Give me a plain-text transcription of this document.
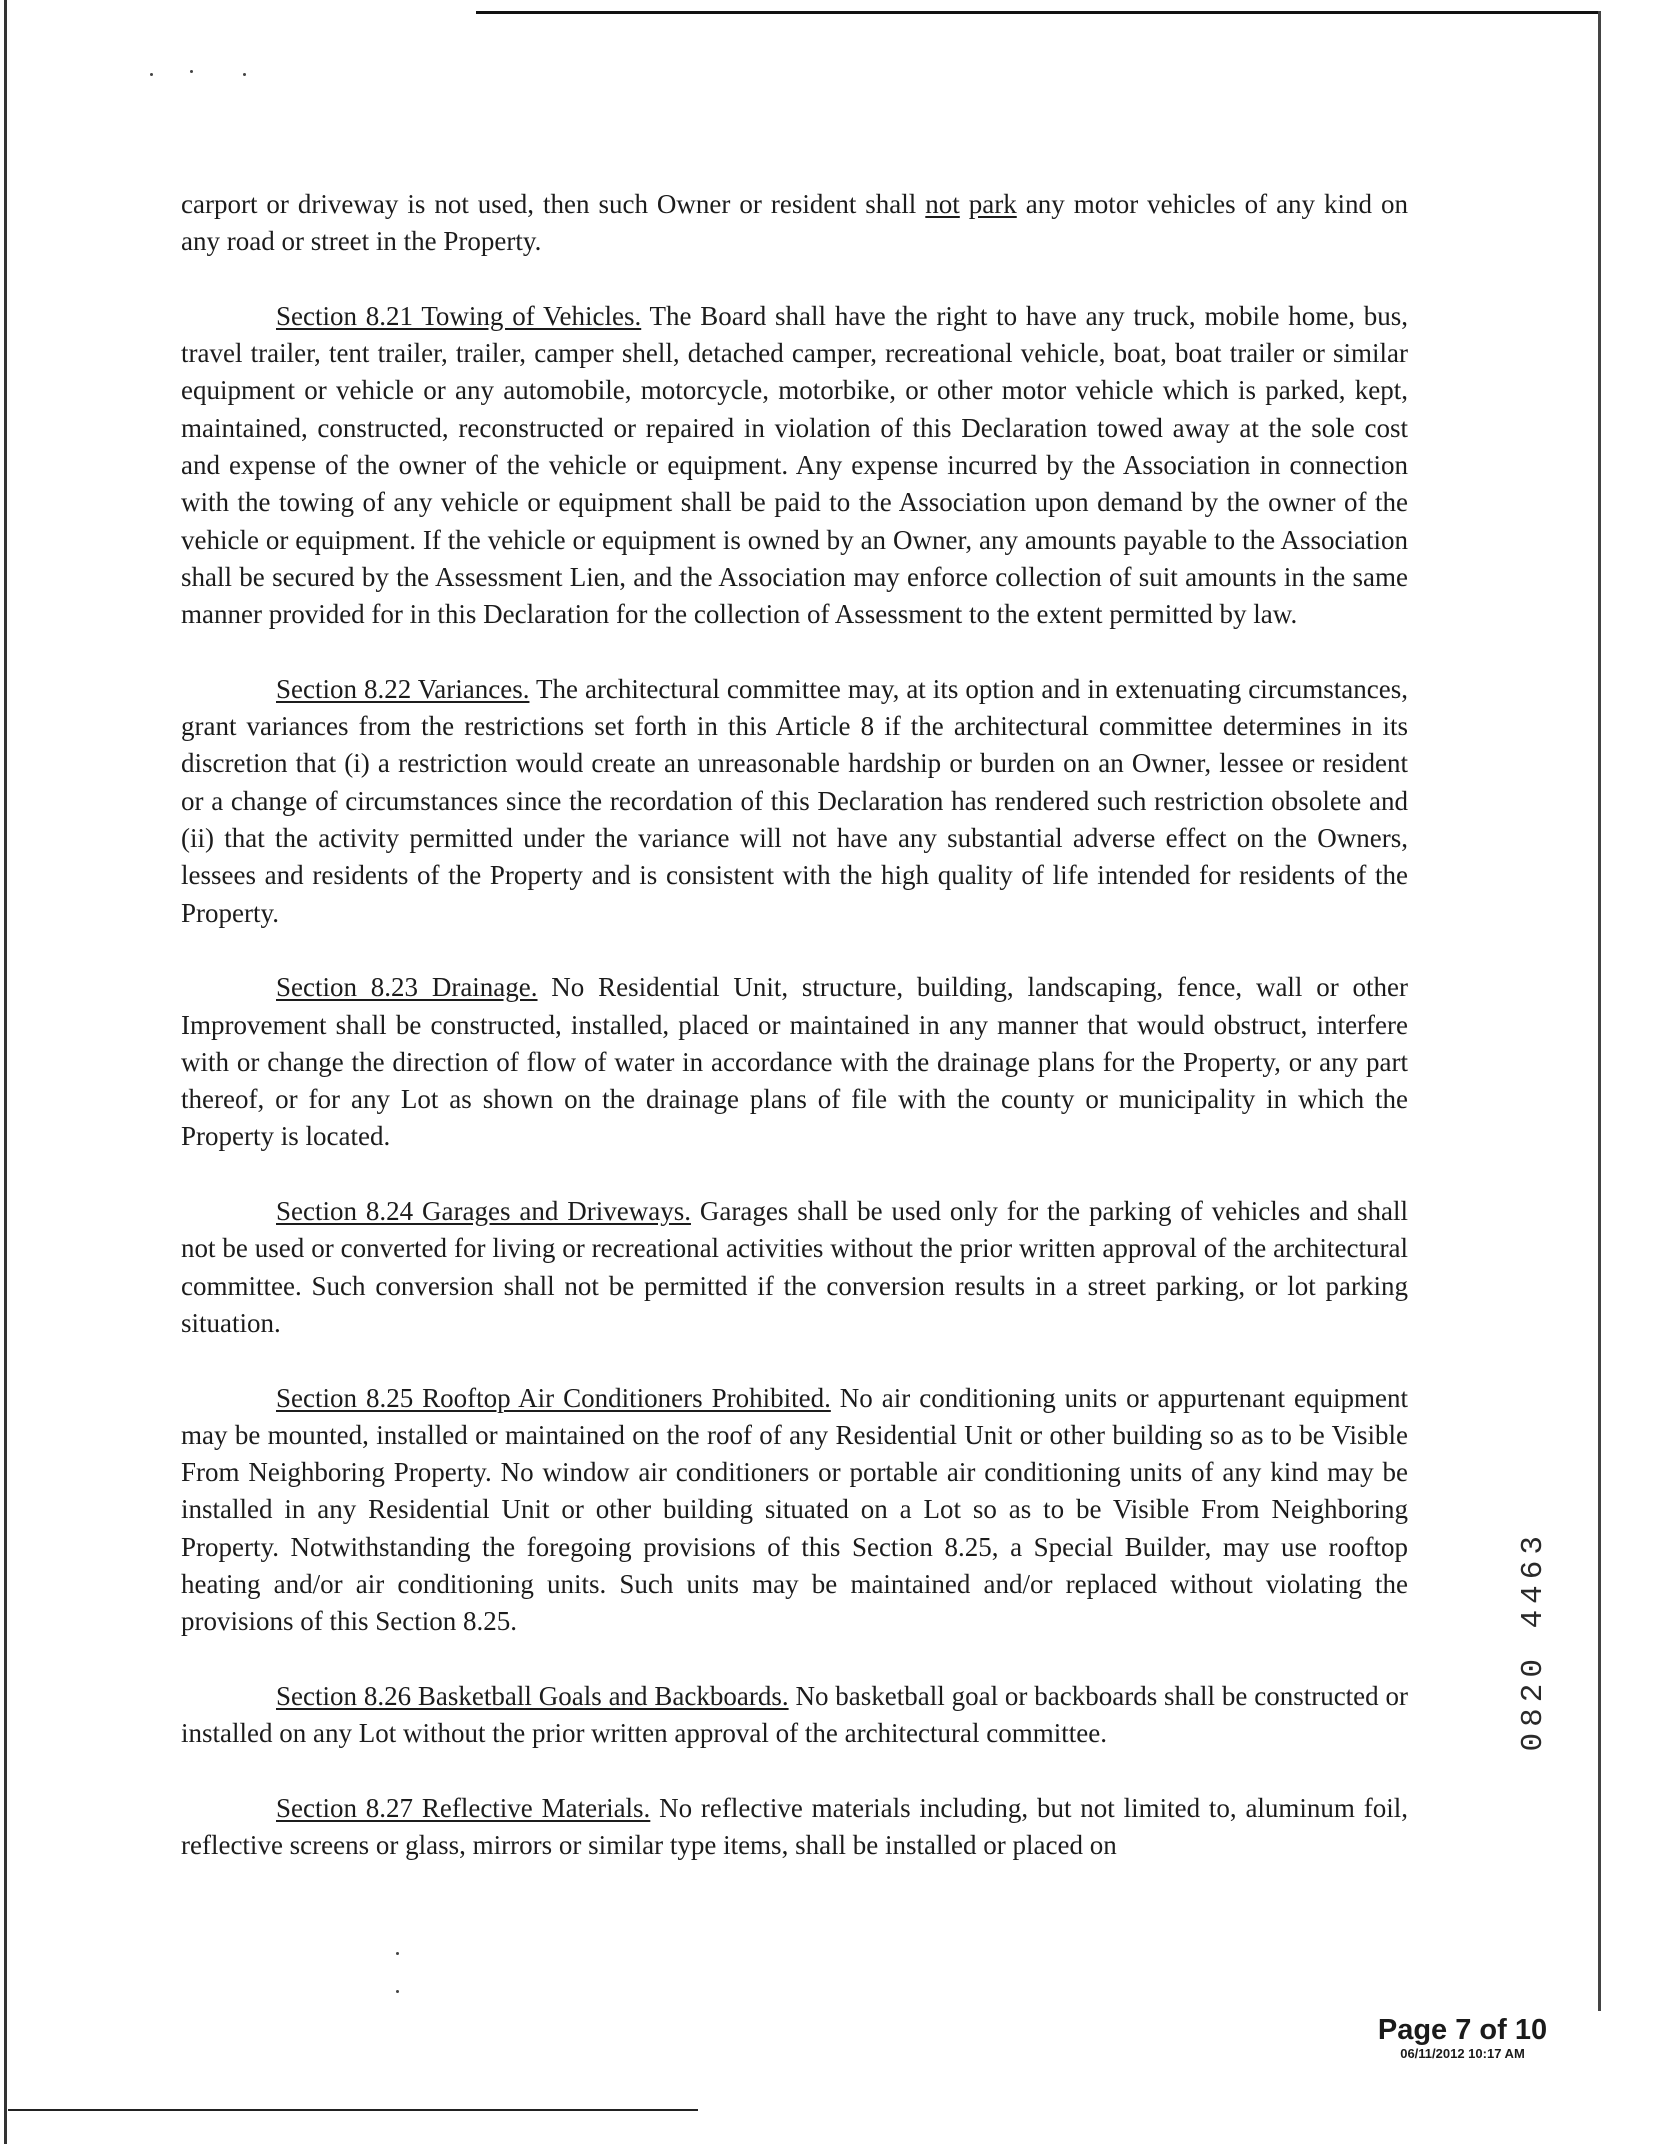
carport or driveway is not used, then such Owner or resident shall not park any motor vehicles of any kind on any road or street in the Property.

Section 8.21 Towing of Vehicles. The Board shall have the right to have any truck, mobile home, bus, travel trailer, tent trailer, trailer, camper shell, detached camper, recreational vehicle, boat, boat trailer or similar equipment or vehicle or any automobile, motorcycle, motorbike, or other motor vehicle which is parked, kept, maintained, constructed, reconstructed or repaired in violation of this Declaration towed away at the sole cost and expense of the owner of the vehicle or equipment. Any expense incurred by the Association in connection with the towing of any vehicle or equipment shall be paid to the Association upon demand by the owner of the vehicle or equipment. If the vehicle or equipment is owned by an Owner, any amounts payable to the Association shall be secured by the Assessment Lien, and the Association may enforce collection of suit amounts in the same manner provided for in this Declaration for the collection of Assessment to the extent permitted by law.

Section 8.22 Variances. The architectural committee may, at its option and in extenuating circumstances, grant variances from the restrictions set forth in this Article 8 if the architectural committee determines in its discretion that (i) a restriction would create an unreasonable hardship or burden on an Owner, lessee or resident or a change of circumstances since the recordation of this Declaration has rendered such restriction obsolete and (ii) that the activity permitted under the variance will not have any substantial adverse effect on the Owners, lessees and residents of the Property and is consistent with the high quality of life intended for residents of the Property.

Section 8.23 Drainage. No Residential Unit, structure, building, landscaping, fence, wall or other Improvement shall be constructed, installed, placed or maintained in any manner that would obstruct, interfere with or change the direction of flow of water in accordance with the drainage plans for the Property, or any part thereof, or for any Lot as shown on the drainage plans of file with the county or municipality in which the Property is located.

Section 8.24 Garages and Driveways. Garages shall be used only for the parking of vehicles and shall not be used or converted for living or recreational activities without the prior written approval of the architectural committee. Such conversion shall not be permitted if the conversion results in a street parking, or lot parking situation.

Section 8.25 Rooftop Air Conditioners Prohibited. No air conditioning units or appurtenant equipment may be mounted, installed or maintained on the roof of any Residential Unit or other building so as to be Visible From Neighboring Property. No window air conditioners or portable air conditioning units of any kind may be installed in any Residential Unit or other building situated on a Lot so as to be Visible From Neighboring Property. Notwithstanding the foregoing provisions of this Section 8.25, a Special Builder, may use rooftop heating and/or air conditioning units. Such units may be maintained and/or replaced without violating the provisions of this Section 8.25.

Section 8.26 Basketball Goals and Backboards. No basketball goal or backboards shall be constructed or installed on any Lot without the prior written approval of the architectural committee.

Section 8.27 Reflective Materials. No reflective materials including, but not limited to, aluminum foil, reflective screens or glass, mirrors or similar type items, shall be installed or placed on

0820 4463
Page 7 of 10
06/11/2012 10:17 AM
